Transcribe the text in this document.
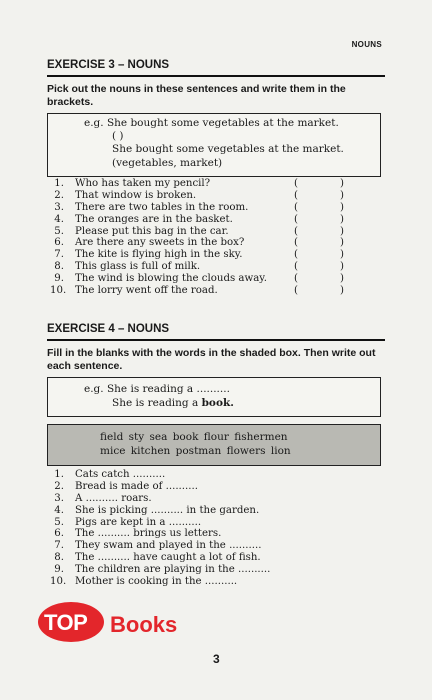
NOUNS
EXERCISE 3 – NOUNS
Pick out the nouns in these sentences and write them in the brackets.
e.g. She bought some vegetables at the market.
( )
She bought some vegetables at the market.
(vegetables, market)
1. Who has taken my pencil?	(	)
2. That window is broken.	(	)
3. There are two tables in the room.	(	)
4. The oranges are in the basket.	(	)
5. Please put this bag in the car.	(	)
6. Are there any sweets in the box?	(	)
7. The kite is flying high in the sky.	(	)
8. This glass is full of milk.	(	)
9. The wind is blowing the clouds away.	(	)
10. The lorry went off the road.	(	)
EXERCISE 4 – NOUNS
Fill in the blanks with the words in the shaded box. Then write out each sentence.
e.g. She is reading a ..........
She is reading a book.
field sty sea book flour fishermen
mice kitchen postman flowers lion
1. Cats catch ..........
2. Bread is made of ..........
3. A .......... roars.
4. She is picking .......... in the garden.
5. Pigs are kept in a ..........
6. The .......... brings us letters.
7. They swam and played in the ..........
8. The .......... have caught a lot of fish.
9. The children are playing in the ..........
10. Mother is cooking in the ..........
TOP Books
3
